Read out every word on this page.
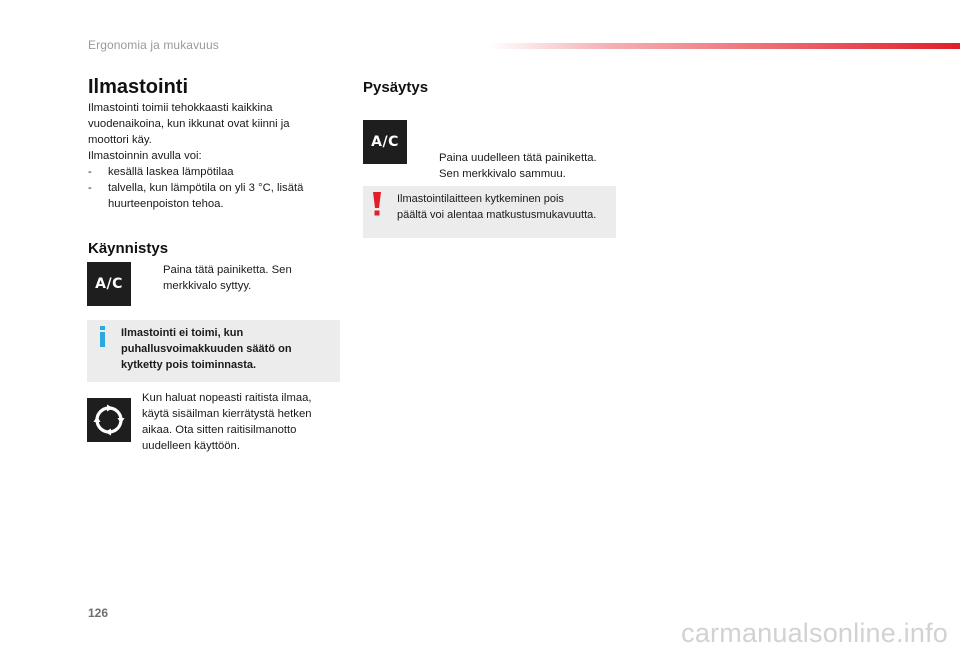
Ergonomia ja mukavuus
Ilmastointi
Ilmastointi toimii tehokkaasti kaikkina
vuodenaikoina, kun ikkunat ovat kiinni ja
moottori käy.
Ilmastoinnin avulla voi:
- kesällä laskea lämpötilaa
- talvella, kun lämpötila on yli 3 °C, lisätä
huurteenpoiston tehoa.
Käynnistys
A/C
Paina tätä painiketta. Sen
merkkivalo syttyy.
Ilmastointi ei toimi, kun
puhallusvoimakkuuden säätö on
kytketty pois toiminnasta.
Kun haluat nopeasti raitista ilmaa,
käytä sisäilman kierrätystä hetken
aikaa. Ota sitten raitisilmanotto
uudelleen käyttöön.
Pysäytys
A/C
Paina uudelleen tätä painiketta.
Sen merkkivalo sammuu.
Ilmastointilaitteen kytkeminen pois
päältä voi alentaa matkustusmukavuutta.
126
carmanualsonline.info
